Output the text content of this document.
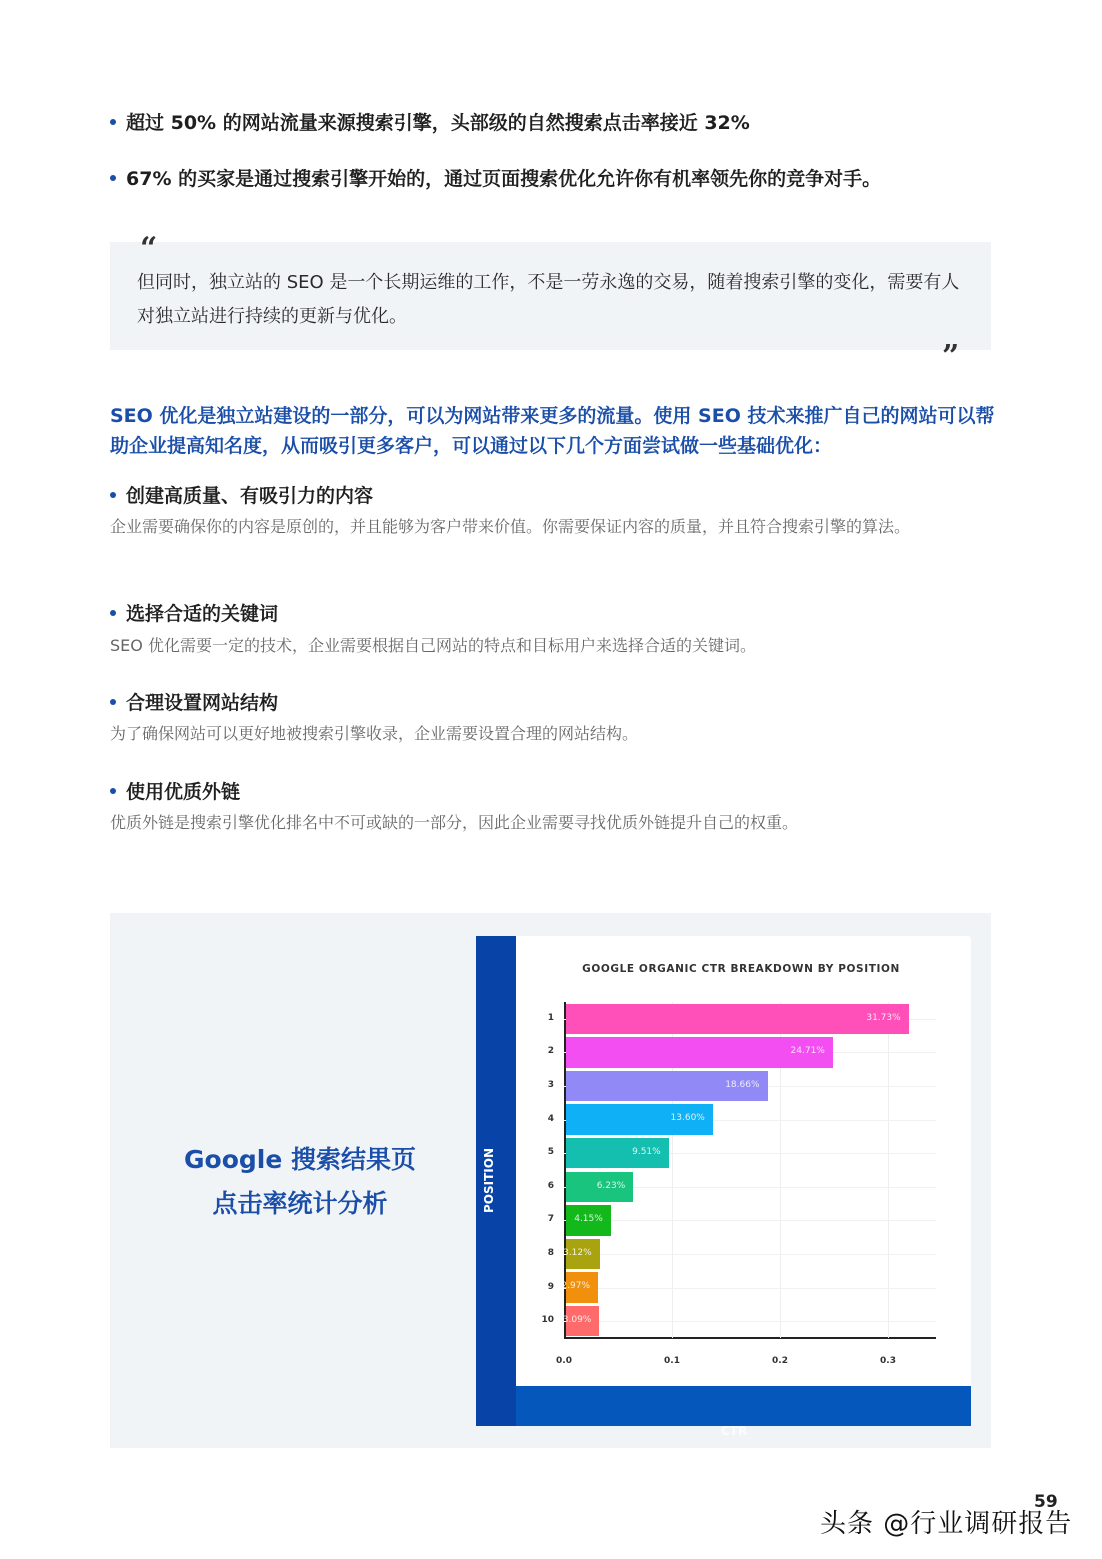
超过 50% 的网站流量来源搜索引擎，头部级的自然搜索点击率接近 32%
67% 的买家是通过搜索引擎开始的，通过页面搜索优化允许你有机率领先你的竞争对手。
“
但同时，独立站的 SEO 是一个长期运维的工作，不是一劳永逸的交易，随着搜索引擎的变化，需要有人对独立站进行持续的更新与优化。
”
SEO 优化是独立站建设的一部分，可以为网站带来更多的流量。使用 SEO 技术来推广自己的网站可以帮助企业提高知名度，从而吸引更多客户，可以通过以下几个方面尝试做一些基础优化：
创建高质量、有吸引力的内容
企业需要确保你的内容是原创的，并且能够为客户带来价值。你需要保证内容的质量，并且符合搜索引擎的算法。
选择合适的关键词
SEO 优化需要一定的技术，企业需要根据自己网站的特点和目标用户来选择合适的关键词。
合理设置网站结构
为了确保网站可以更好地被搜索引擎收录，企业需要设置合理的网站结构。
使用优质外链
优质外链是搜索引擎优化排名中不可或缺的一部分，因此企业需要寻找优质外链提升自己的权重。
Google 搜索结果页
点击率统计分析	POSITION
CTR
GOOGLE ORGANIC CTR BREAKDOWN BY POSITION
0.0	0.1	0.2	0.3
1	31.73%
2	24.71%
3	18.66%
4	13.60%
5	9.51%
6	6.23%
7 4.15%
8 3.12%
9 2.97%
10 3.09%
59
头条 @行业调研报告
